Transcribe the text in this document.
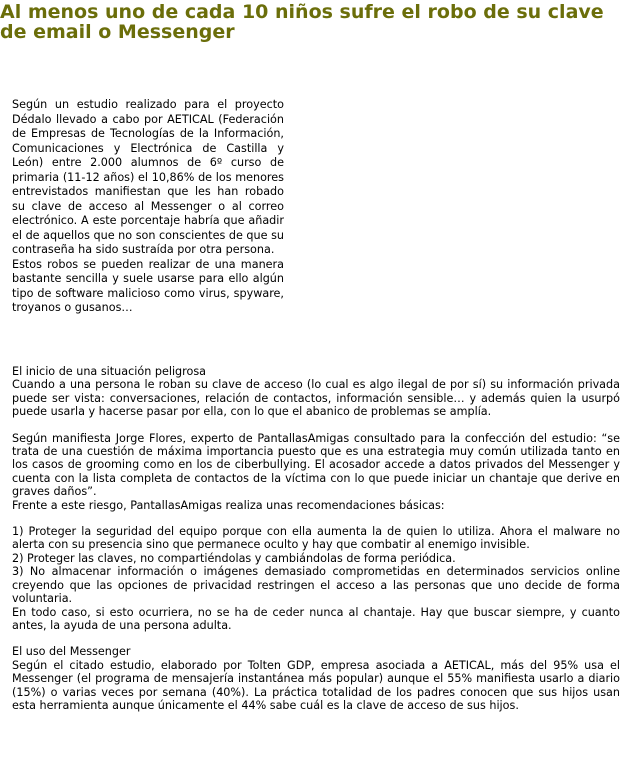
Al menos uno de cada 10 niños sufre el robo de su clave de email o Messenger

Según un estudio realizado para el proyecto Dédalo llevado a cabo por AETICAL (Federación de Empresas de Tecnologías de la Información, Comunicaciones y Electrónica de Castilla y León) entre 2.000 alumnos de 6º curso de primaria (11-12 años) el 10,86% de los menores entrevistados manifiestan que les han robado su clave de acceso al Messenger o al correo electrónico. A este porcentaje habría que añadir el de aquellos que no son conscientes de que su contraseña ha sido sustraída por otra persona.

Estos robos se pueden realizar de una manera bastante sencilla y suele usarse para ello algún tipo de software malicioso como virus, spyware, troyanos o gusanos…

El inicio de una situación peligrosa

Cuando a una persona le roban su clave de acceso (lo cual es algo ilegal de por sí) su información privada puede ser vista: conversaciones, relación de contactos, información sensible… y además quien la usurpó puede usarla y hacerse pasar por ella, con lo que el abanico de problemas se amplía.

Según manifiesta Jorge Flores, experto de PantallasAmigas consultado para la confección del estudio: “se trata de una cuestión de máxima importancia puesto que es una estrategia muy común utilizada tanto en los casos de grooming como en los de ciberbullying. El acosador accede a datos privados del Messenger y cuenta con la lista completa de contactos de la víctima con lo que puede iniciar un chantaje que derive en graves daños”.

Frente a este riesgo, PantallasAmigas realiza unas recomendaciones básicas:

1) Proteger la seguridad del equipo porque con ella aumenta la de quien lo utiliza. Ahora el malware no alerta con su presencia sino que permanece oculto y hay que combatir al enemigo invisible.

2) Proteger las claves, no compartiéndolas y cambiándolas de forma periódica.

3) No almacenar información o imágenes demasiado comprometidas en determinados servicios online creyendo que las opciones de privacidad restringen el acceso a las personas que uno decide de forma voluntaria.

En todo caso, si esto ocurriera, no se ha de ceder nunca al chantaje. Hay que buscar siempre, y cuanto antes, la ayuda de una persona adulta.

El uso del Messenger

Según el citado estudio, elaborado por Tolten GDP, empresa asociada a AETICAL, más del 95% usa el Messenger (el programa de mensajería instantánea más popular) aunque el 55% manifiesta usarlo a diario (15%) o varias veces por semana (40%). La práctica totalidad de los padres conocen que sus hijos usan esta herramienta aunque únicamente el 44% sabe cuál es la clave de acceso de sus hijos.
